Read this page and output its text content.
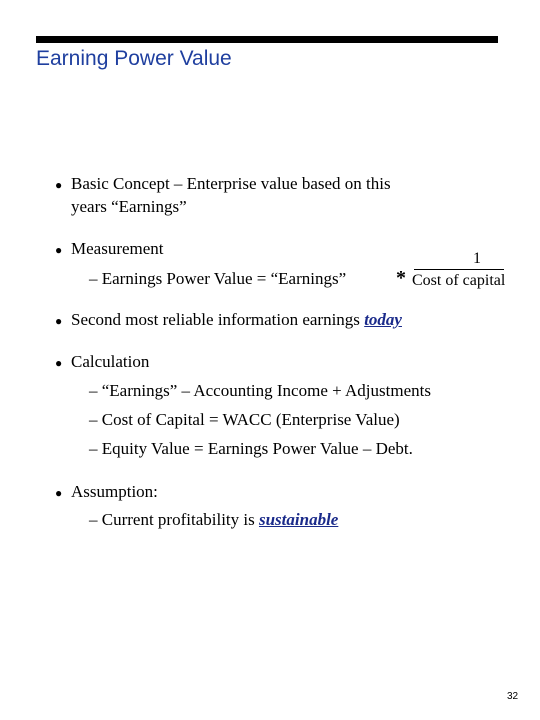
Earning Power Value
● Basic Concept – Enterprise value based on this
years “Earnings”
● Measurement
– Earnings Power Value = “Earnings” *
1
Cost of capital
● Second most reliable information earnings today
● Calculation
– “Earnings” – Accounting Income + Adjustments
– Cost of Capital = WACC (Enterprise Value)
– Equity Value = Earnings Power Value – Debt.
● Assumption:
– Current profitability is sustainable
32
